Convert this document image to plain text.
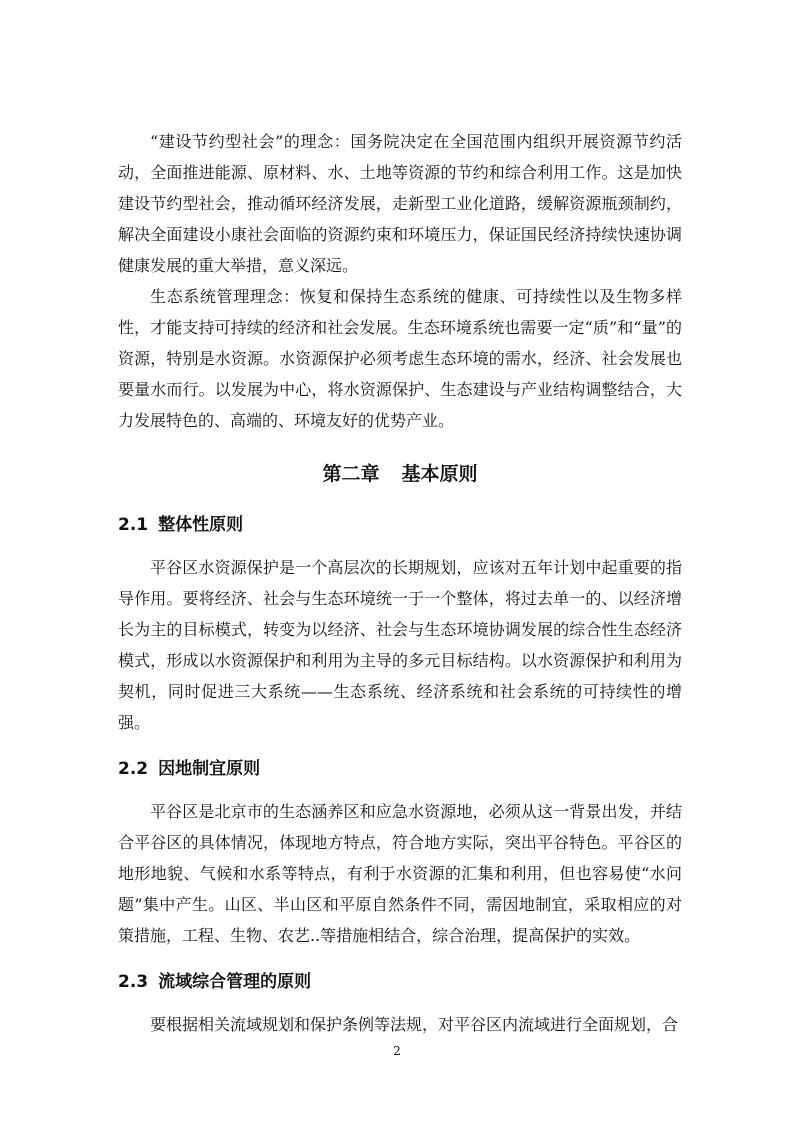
“建设节约型社会”的理念：国务院决定在全国范围内组织开展资源节约活动，全面推进能源、原材料、水、土地等资源的节约和综合利用工作。这是加快建设节约型社会，推动循环经济发展，走新型工业化道路，缓解资源瓶颈制约，解决全面建设小康社会面临的资源约束和环境压力，保证国民经济持续快速协调健康发展的重大举措，意义深远。

生态系统管理理念：恢复和保持生态系统的健康、可持续性以及生物多样性，才能支持可持续的经济和社会发展。生态环境系统也需要一定“质”和“量”的资源，特别是水资源。水资源保护必须考虑生态环境的需水，经济、社会发展也要量水而行。以发展为中心，将水资源保护、生态建设与产业结构调整结合，大力发展特色的、高端的、环境友好的优势产业。

第二章 基本原则
2.1 整体性原则

平谷区水资源保护是一个高层次的长期规划，应该对五年计划中起重要的指导作用。要将经济、社会与生态环境统一于一个整体，将过去单一的、以经济增长为主的目标模式，转变为以经济、社会与生态环境协调发展的综合性生态经济模式，形成以水资源保护和利用为主导的多元目标结构。以水资源保护和利用为契机，同时促进三大系统——生态系统、经济系统和社会系统的可持续性的增强。

2.2 因地制宜原则

平谷区是北京市的生态涵养区和应急水资源地，必须从这一背景出发，并结合平谷区的具体情况，体现地方特点，符合地方实际，突出平谷特色。平谷区的地形地貌、气候和水系等特点，有利于水资源的汇集和利用，但也容易使“水问题”集中产生。山区、半山区和平原自然条件不同，需因地制宜，采取相应的对策措施，工程、生物、农艺..等措施相结合，综合治理，提高保护的实效。

2.3 流域综合管理的原则

要根据相关流域规划和保护条例等法规，对平谷区内流域进行全面规划，合

2
